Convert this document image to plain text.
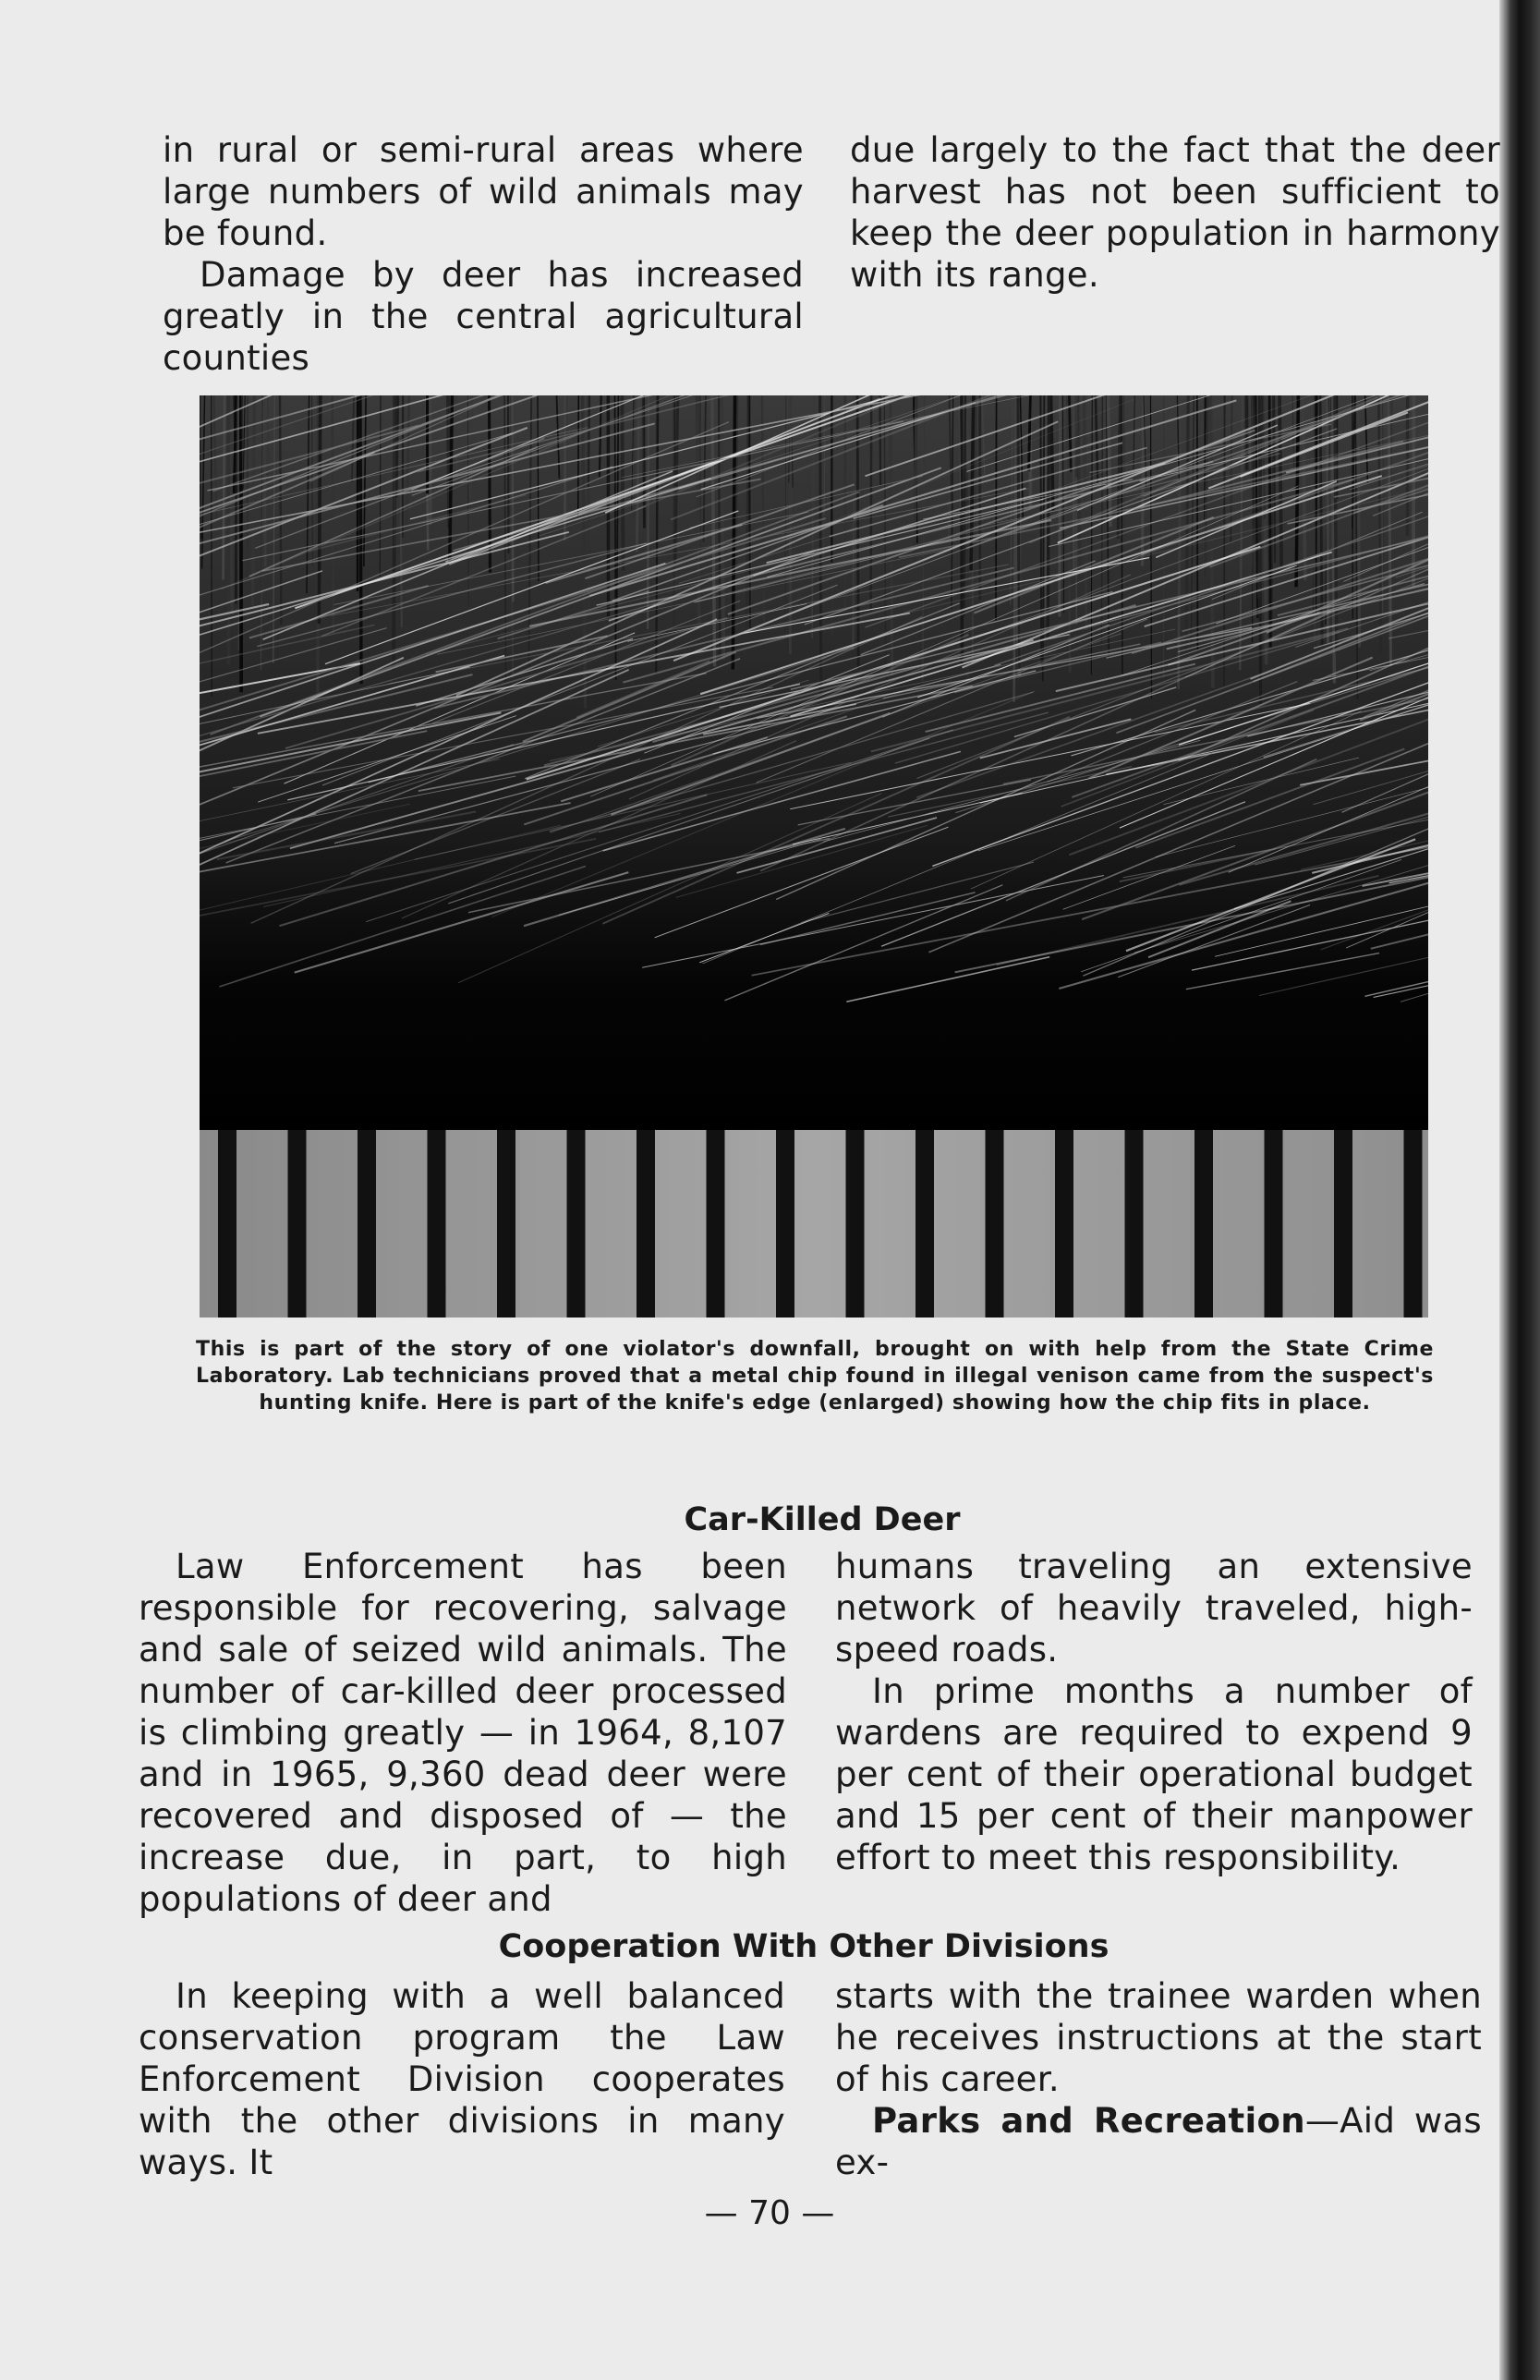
in rural or semi-rural areas where large numbers of wild animals may be found.

Damage by deer has increased greatly in the central agricultural counties

due largely to the fact that the deer harvest has not been sufficient to keep the deer population in harmony with its range.

This is part of the story of one violator's downfall, brought on with help from the State Crime Laboratory. Lab technicians proved that a metal chip found in illegal venison came from the suspect's hunting knife. Here is part of the knife's edge (enlarged) showing how the chip fits in place.
Car-Killed Deer

Law Enforcement has been responsible for recovering, salvage and sale of seized wild animals. The number of car-killed deer processed is climbing greatly — in 1964, 8,107 and in 1965, 9,360 dead deer were recovered and disposed of — the increase due, in part, to high populations of deer and

humans traveling an extensive network of heavily traveled, high-speed roads.

In prime months a number of wardens are required to expend 9 per cent of their operational budget and 15 per cent of their manpower effort to meet this responsibility.

Cooperation With Other Divisions

In keeping with a well balanced conservation program the Law Enforcement Division cooperates with the other divisions in many ways. It

starts with the trainee warden when he receives instructions at the start of his career.

Parks and Recreation—Aid was ex-

— 70 —
